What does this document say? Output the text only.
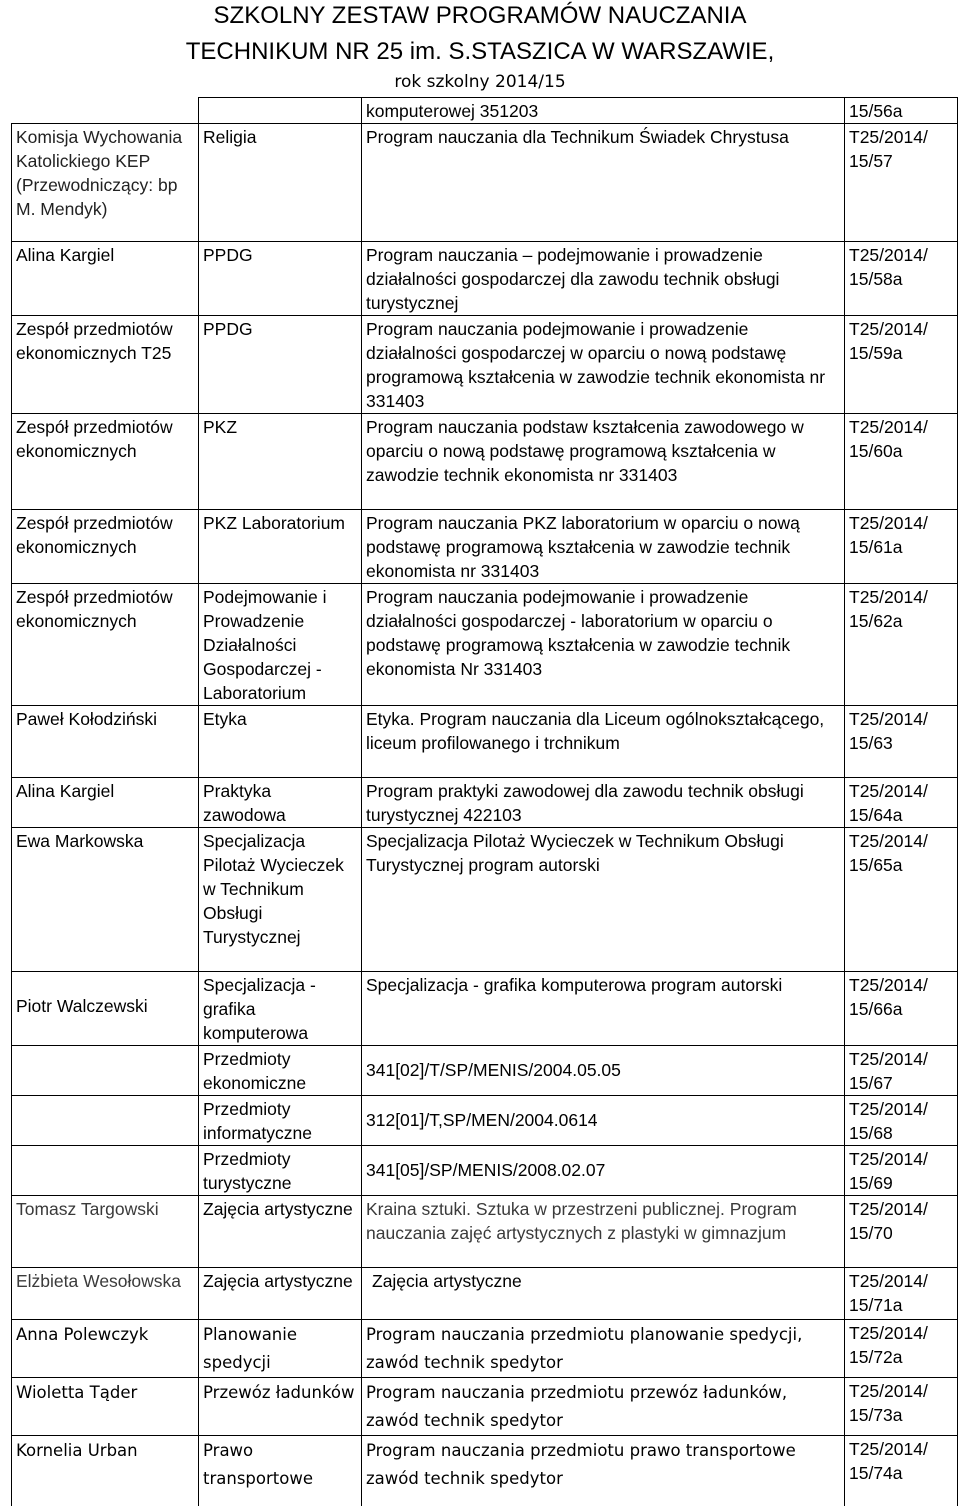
SZKOLNY ZESTAW PROGRAMÓW NAUCZANIA
TECHNIKUM NR 25 im. S.STASZICA W WARSZAWIE,
rok szkolny 2014/15
		komputerowej 351203	15/56a
Komisja Wychowania Katolickiego KEP (Przewodniczący: bp M. Mendyk)	Religia	Program nauczania dla Technikum Świadek Chrystusa	T25/2014/ 15/57
Alina Kargiel	PPDG	Program nauczania – podejmowanie i prowadzenie działalności gospodarczej dla zawodu technik obsługi turystycznej	T25/2014/ 15/58a
Zespół przedmiotów ekonomicznych T25	PPDG	Program nauczania podejmowanie i prowadzenie działalności gospodarczej w oparciu o nową podstawę programową kształcenia w zawodzie technik ekonomista nr 331403	T25/2014/ 15/59a
Zespół przedmiotów ekonomicznych	PKZ	Program nauczania podstaw kształcenia zawodowego w oparciu o nową podstawę programową kształcenia w zawodzie technik ekonomista nr 331403	T25/2014/ 15/60a
Zespół przedmiotów ekonomicznych	PKZ Laboratorium	Program nauczania PKZ laboratorium w oparciu o nową podstawę programową kształcenia w zawodzie technik ekonomista nr 331403	T25/2014/ 15/61a
Zespół przedmiotów ekonomicznych	Podejmowanie i Prowadzenie Działalności Gospodarczej - Laboratorium	Program nauczania podejmowanie i prowadzenie działalności gospodarczej - laboratorium w oparciu o podstawę programową kształcenia w zawodzie technik ekonomista Nr 331403	T25/2014/ 15/62a
Paweł Kołodziński	Etyka	Etyka. Program nauczania dla Liceum ogólnokształcącego, liceum profilowanego i trchnikum	T25/2014/ 15/63
Alina Kargiel	Praktyka zawodowa	Program praktyki zawodowej dla zawodu technik obsługi turystycznej 422103	T25/2014/ 15/64a
Ewa Markowska	Specjalizacja Pilotaż Wycieczek w Technikum Obsługi Turystycznej	Specjalizacja Pilotaż Wycieczek w Technikum Obsługi Turystycznej program autorski	T25/2014/ 15/65a
Piotr Walczewski	Specjalizacja - grafika komputerowa	Specjalizacja - grafika komputerowa program autorski	T25/2014/ 15/66a
	Przedmioty ekonomiczne	341[02]/T/SP/MENIS/2004.05.05	T25/2014/ 15/67
	Przedmioty informatyczne	312[01]/T,SP/MEN/2004.0614	T25/2014/ 15/68
	Przedmioty turystyczne	341[05]/SP/MENIS/2008.02.07	T25/2014/ 15/69
Tomasz Targowski	Zajęcia artystyczne	Kraina sztuki. Sztuka w przestrzeni publicznej. Program nauczania zajęć artystycznych z plastyki w gimnazjum	T25/2014/ 15/70
Elżbieta Wesołowska	Zajęcia artystyczne	Zajęcia artystyczne	T25/2014/ 15/71a
Anna Polewczyk	Planowanie spedycji	Program nauczania przedmiotu planowanie spedycji, zawód technik spedytor	T25/2014/ 15/72a
Wioletta Tąder	Przewóz ładunków	Program nauczania przedmiotu przewóz ładunków, zawód technik spedytor	T25/2014/ 15/73a
Kornelia Urban	Prawo transportowe	Program nauczania przedmiotu prawo transportowe zawód technik spedytor	T25/2014/ 15/74a
